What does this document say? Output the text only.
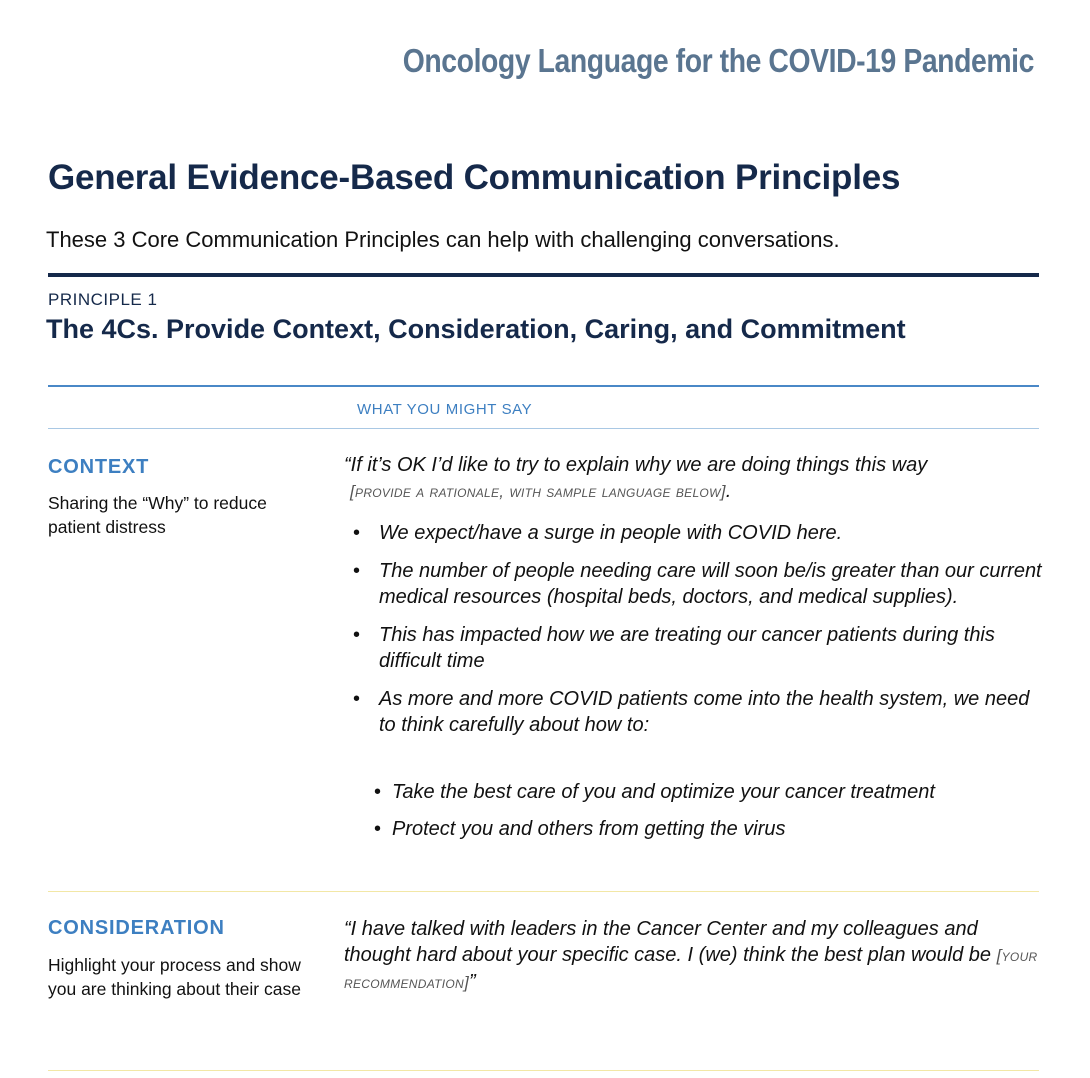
Oncology Language for the COVID-19 Pandemic
General Evidence-Based Communication Principles
These 3 Core Communication Principles can help with challenging conversations.
PRINCIPLE 1
The 4Cs. Provide Context, Consideration, Caring, and Commitment
WHAT YOU MIGHT SAY
CONTEXT
Sharing the “Why” to reduce patient distress
“If it’s OK I’d like to try to explain why we are doing things this way
[provide a rationale, with sample language below].
• We expect/have a surge in people with COVID here.
• The number of people needing care will soon be/is greater than our current medical resources (hospital beds, doctors, and medical supplies).
• This has impacted how we are treating our cancer patients during this difficult time
• As more and more COVID patients come into the health system, we need to think carefully about how to:
• Take the best care of you and optimize your cancer treatment
• Protect you and others from getting the virus
CONSIDERATION
Highlight your process and show you are thinking about their case
“I have talked with leaders in the Cancer Center and my colleagues and thought hard about your specific case. I (we) think the best plan would be [your recommendation]”
